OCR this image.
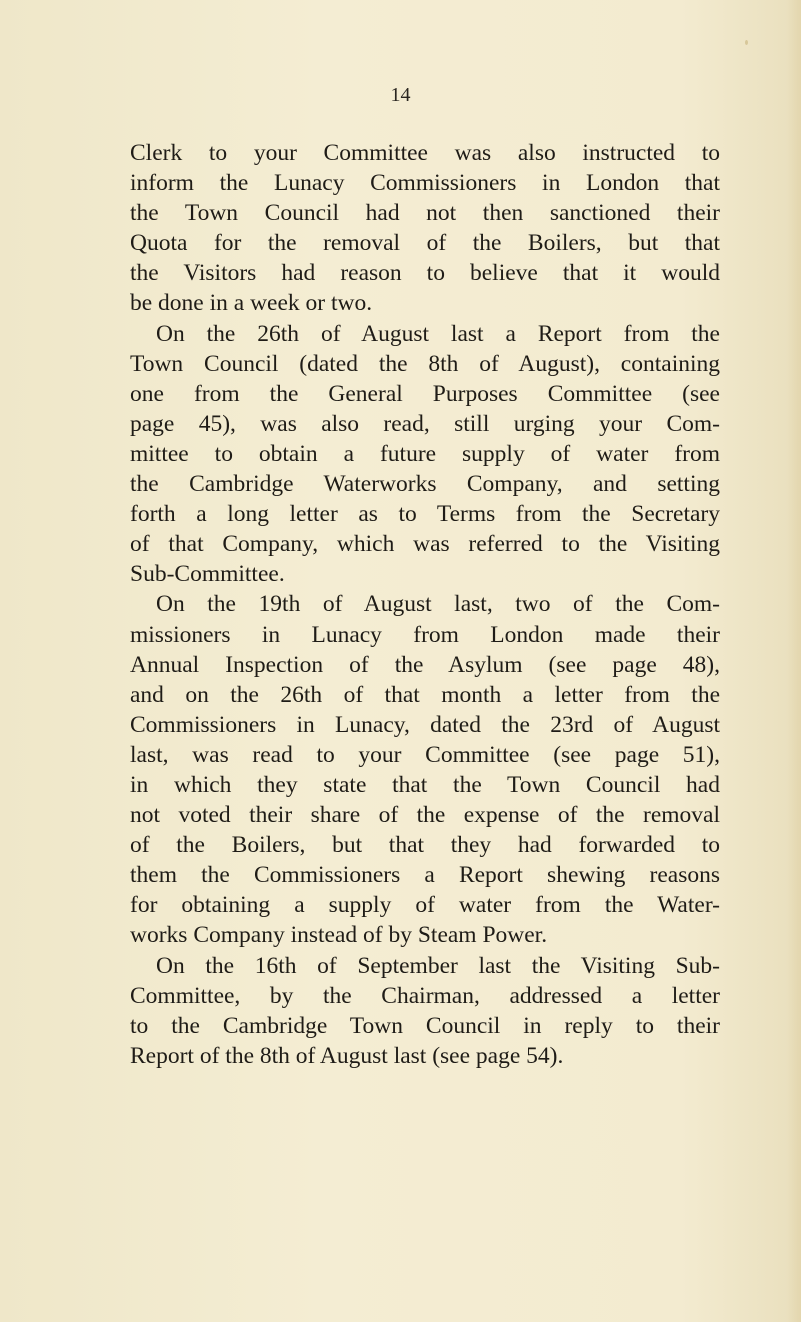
14

Clerk to your Committee was also instructed to
inform the Lunacy Commissioners in London that
the Town Council had not then sanctioned their
Quota for the removal of the Boilers, but that
the Visitors had reason to believe that it would
be done in a week or two.
On the 26th of August last a Report from the
Town Council (dated the 8th of August), containing
one from the General Purposes Committee (see
page 45), was also read, still urging your Com-
mittee to obtain a future supply of water from
the Cambridge Waterworks Company, and setting
forth a long letter as to Terms from the Secretary
of that Company, which was referred to the Visiting
Sub-Committee.
On the 19th of August last, two of the Com-
missioners in Lunacy from London made their
Annual Inspection of the Asylum (see page 48),
and on the 26th of that month a letter from the
Commissioners in Lunacy, dated the 23rd of August
last, was read to your Committee (see page 51),
in which they state that the Town Council had
not voted their share of the expense of the removal
of the Boilers, but that they had forwarded to
them the Commissioners a Report shewing reasons
for obtaining a supply of water from the Water-
works Company instead of by Steam Power.
On the 16th of September last the Visiting Sub-
Committee, by the Chairman, addressed a letter
to the Cambridge Town Council in reply to their
Report of the 8th of August last (see page 54).
